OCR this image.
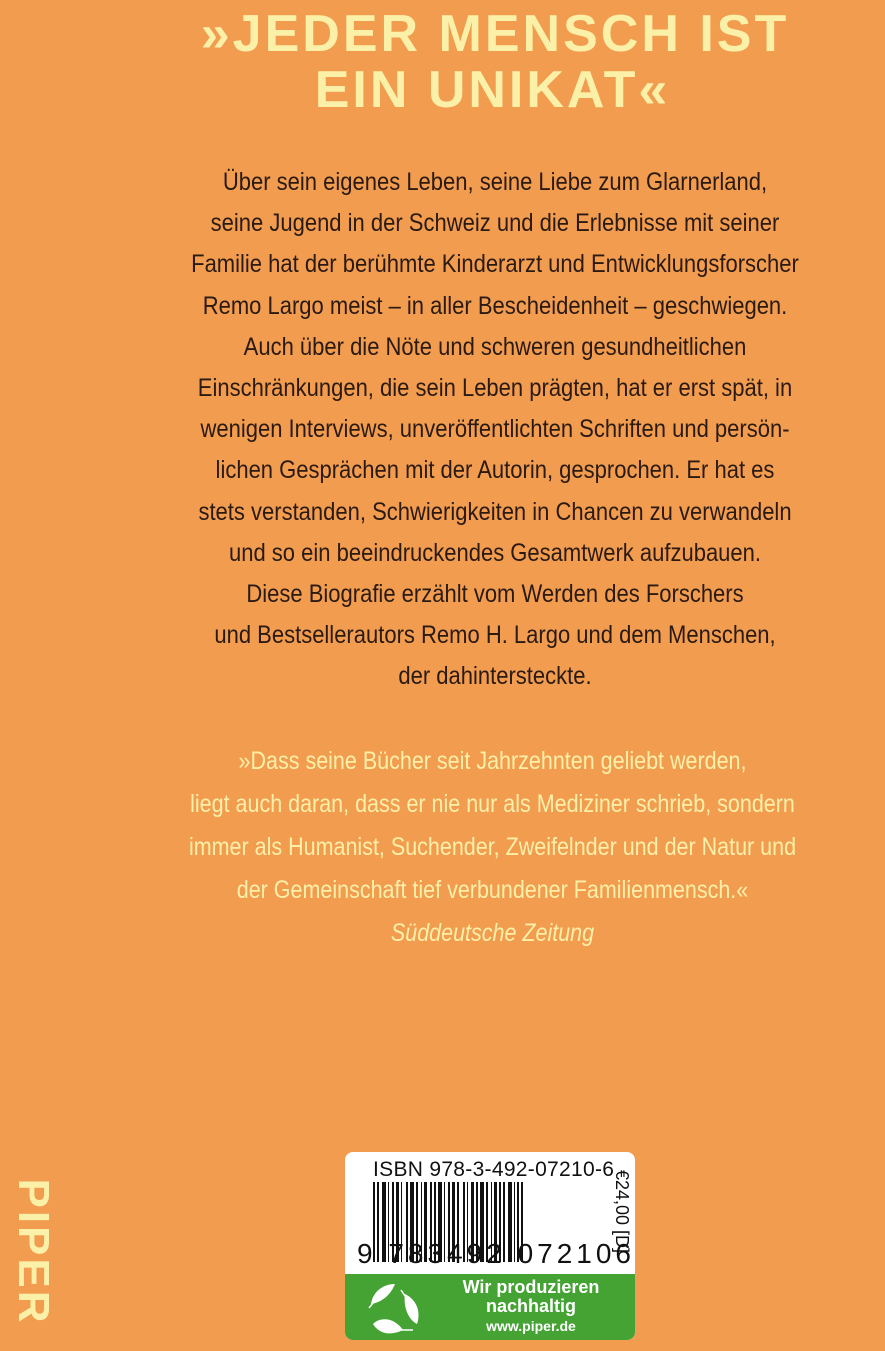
»JEDER MENSCH IST
EIN UNIKAT«
Über sein eigenes Leben, seine Liebe zum Glarnerland,
seine Jugend in der Schweiz und die Erlebnisse mit seiner
Familie hat der berühmte Kinderarzt und Entwicklungsforscher
Remo Largo meist – in aller Bescheidenheit – geschwiegen.
Auch über die Nöte und schweren gesundheitlichen
Einschränkungen, die sein Leben prägten, hat er erst spät, in
wenigen Interviews, unveröffentlichten Schriften und persön-
lichen Gesprächen mit der Autorin, gesprochen. Er hat es
stets verstanden, Schwierigkeiten in Chancen zu verwandeln
und so ein beeindruckendes Gesamtwerk aufzubauen.
Diese Biografie erzählt vom Werden des Forschers
und Bestsellerautors Remo H. Largo und dem Menschen,
der dahintersteckte.
»Dass seine Bücher seit Jahrzehnten geliebt werden,
liegt auch daran, dass er nie nur als Mediziner schrieb, sondern
immer als Humanist, Suchender, Zweifelnder und der Natur und
der Gemeinschaft tief verbundener Familienmensch.«
Süddeutsche Zeitung
PIPER
ISBN 978-3-492-07210-6
9 783492 072106
€24,00 [D]
Wir produzieren
nachhaltig
www.piper.de
